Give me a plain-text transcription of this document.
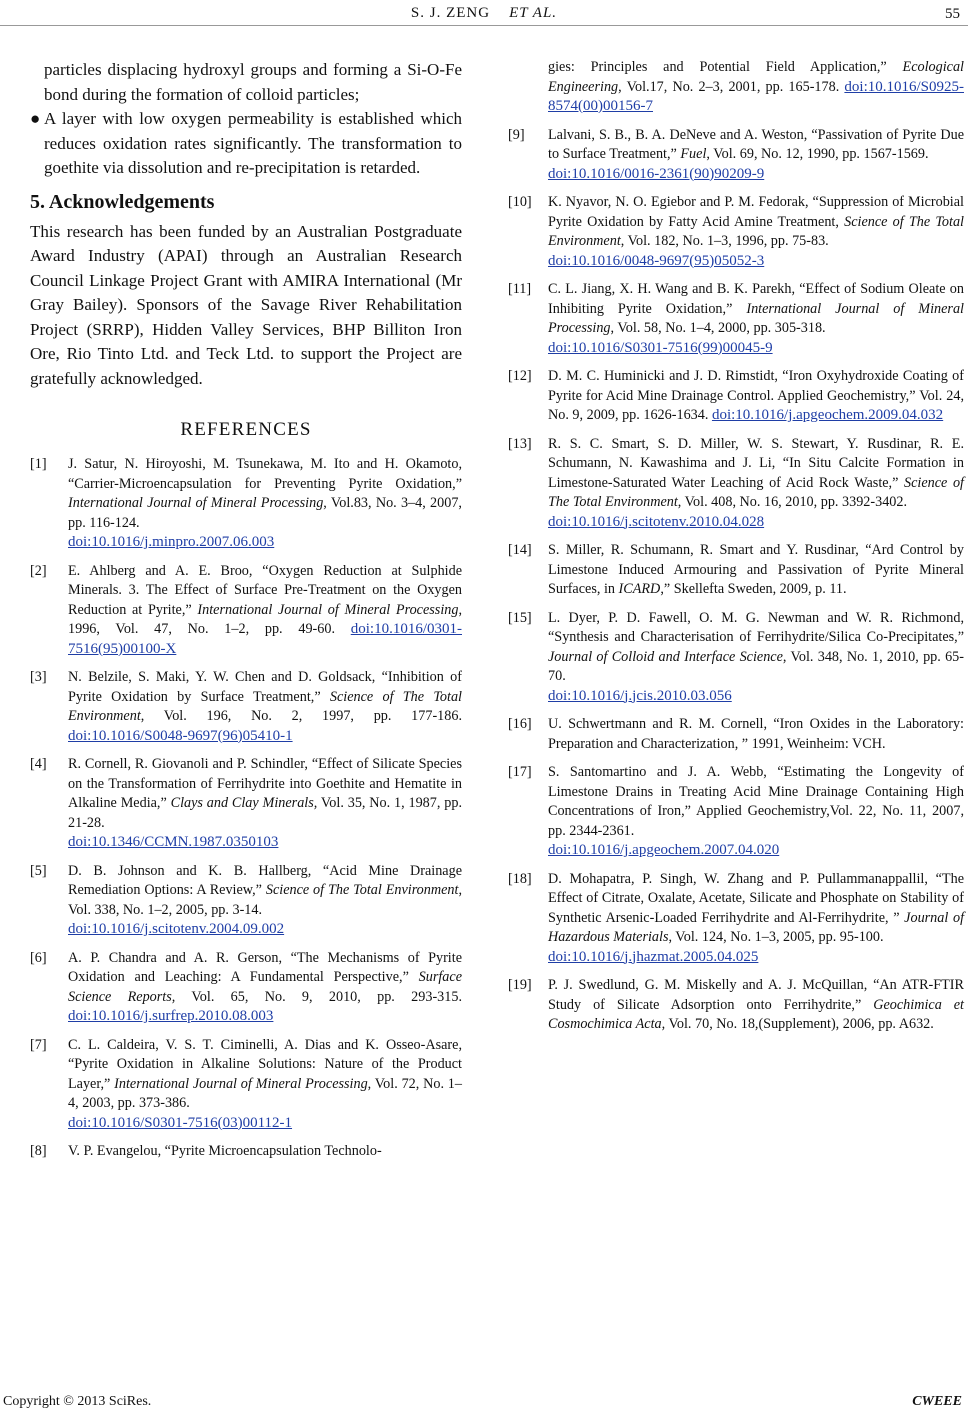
S. J. ZENG ET AL.	55
particles displacing hydroxyl groups and forming a Si-O-Fe bond during the formation of colloid particles;
● A layer with low oxygen permeability is established which reduces oxidation rates significantly. The transformation to goethite via dissolution and re-precipitation is retarded.
5. Acknowledgements

This research has been funded by an Australian Postgraduate Award Industry (APAI) through an Australian Research Council Linkage Project Grant with AMIRA International (Mr Gray Bailey). Sponsors of the Savage River Rehabilitation Project (SRRP), Hidden Valley Services, BHP Billiton Iron Ore, Rio Tinto Ltd. and Teck Ltd. to support the Project are gratefully acknowledged.

REFERENCES
[1]	J. Satur, N. Hiroyoshi, M. Tsunekawa, M. Ito and H. Okamoto, “Carrier-Microencapsulation for Preventing Pyrite Oxidation,” International Journal of Mineral Processing, Vol.83, No. 3–4, 2007, pp. 116-124.
doi:10.1016/j.minpro.2007.06.003
[2]	E. Ahlberg and A. E. Broo, “Oxygen Reduction at Sulphide Minerals. 3. The Effect of Surface Pre-Treatment on the Oxygen Reduction at Pyrite,” International Journal of Mineral Processing, 1996, Vol. 47, No. 1–2, pp. 49-60. doi:10.1016/0301-7516(95)00100-X
[3]	N. Belzile, S. Maki, Y. W. Chen and D. Goldsack, “Inhibition of Pyrite Oxidation by Surface Treatment,” Science of The Total Environment, Vol. 196, No. 2, 1997, pp. 177-186. doi:10.1016/S0048-9697(96)05410-1
[4]	R. Cornell, R. Giovanoli and P. Schindler, “Effect of Silicate Species on the Transformation of Ferrihydrite into Goethite and Hematite in Alkaline Media,” Clays and Clay Minerals, Vol. 35, No. 1, 1987, pp. 21-28.
doi:10.1346/CCMN.1987.0350103
[5]	D. B. Johnson and K. B. Hallberg, “Acid Mine Drainage Remediation Options: A Review,” Science of The Total Environment, Vol. 338, No. 1–2, 2005, pp. 3-14.
doi:10.1016/j.scitotenv.2004.09.002
[6]	A. P. Chandra and A. R. Gerson, “The Mechanisms of Pyrite Oxidation and Leaching: A Fundamental Perspective,” Surface Science Reports, Vol. 65, No. 9, 2010, pp. 293-315. doi:10.1016/j.surfrep.2010.08.003
[7]	C. L. Caldeira, V. S. T. Ciminelli, A. Dias and K. Osseo-Asare, “Pyrite Oxidation in Alkaline Solutions: Nature of the Product Layer,” International Journal of Mineral Processing, Vol. 72, No. 1–4, 2003, pp. 373-386.
doi:10.1016/S0301-7516(03)00112-1
[8]	V. P. Evangelou, “Pyrite Microencapsulation Technolo-
gies: Principles and Potential Field Application,” Ecological Engineering, Vol.17, No. 2–3, 2001, pp. 165-178. doi:10.1016/S0925-8574(00)00156-7
[9]	Lalvani, S. B., B. A. DeNeve and A. Weston, “Passivation of Pyrite Due to Surface Treatment,” Fuel, Vol. 69, No. 12, 1990, pp. 1567-1569.
doi:10.1016/0016-2361(90)90209-9
[10]	K. Nyavor, N. O. Egiebor and P. M. Fedorak, “Suppression of Microbial Pyrite Oxidation by Fatty Acid Amine Treatment, Science of The Total Environment, Vol. 182, No. 1–3, 1996, pp. 75-83.
doi:10.1016/0048-9697(95)05052-3
[11]	C. L. Jiang, X. H. Wang and B. K. Parekh, “Effect of Sodium Oleate on Inhibiting Pyrite Oxidation,” International Journal of Mineral Processing, Vol. 58, No. 1–4, 2000, pp. 305-318.
doi:10.1016/S0301-7516(99)00045-9
[12]	D. M. C. Huminicki and J. D. Rimstidt, “Iron Oxyhydroxide Coating of Pyrite for Acid Mine Drainage Control. Applied Geochemistry,” Vol. 24, No. 9, 2009, pp. 1626-1634. doi:10.1016/j.apgeochem.2009.04.032
[13]	R. S. C. Smart, S. D. Miller, W. S. Stewart, Y. Rusdinar, R. E. Schumann, N. Kawashima and J. Li, “In Situ Calcite Formation in Limestone-Saturated Water Leaching of Acid Rock Waste,” Science of The Total Environment, Vol. 408, No. 16, 2010, pp. 3392-3402.
doi:10.1016/j.scitotenv.2010.04.028
[14]	S. Miller, R. Schumann, R. Smart and Y. Rusdinar, “Ard Control by Limestone Induced Armouring and Passivation of Pyrite Mineral Surfaces, in ICARD,” Skellefta Sweden, 2009, p. 11.
[15]	L. Dyer, P. D. Fawell, O. M. G. Newman and W. R. Richmond, “Synthesis and Characterisation of Ferrihydrite/Silica Co-Precipitates,” Journal of Colloid and Interface Science, Vol. 348, No. 1, 2010, pp. 65-70.
doi:10.1016/j.jcis.2010.03.056
[16]	U. Schwertmann and R. M. Cornell, “Iron Oxides in the Laboratory: Preparation and Characterization, ” 1991, Weinheim: VCH.
[17]	S. Santomartino and J. A. Webb, “Estimating the Longevity of Limestone Drains in Treating Acid Mine Drainage Containing High Concentrations of Iron,” Applied Geochemistry,Vol. 22, No. 11, 2007, pp. 2344-2361.
doi:10.1016/j.apgeochem.2007.04.020
[18]	D. Mohapatra, P. Singh, W. Zhang and P. Pullammanappallil, “The Effect of Citrate, Oxalate, Acetate, Silicate and Phosphate on Stability of Synthetic Arsenic-Loaded Ferrihydrite and Al-Ferrihydrite, ” Journal of Hazardous Materials, Vol. 124, No. 1–3, 2005, pp. 95-100.
doi:10.1016/j.jhazmat.2005.04.025
[19]	P. J. Swedlund, G. M. Miskelly and A. J. McQuillan, “An ATR-FTIR Study of Silicate Adsorption onto Ferrihydrite,” Geochimica et Cosmochimica Acta, Vol. 70, No. 18,(Supplement), 2006, pp. A632.
Copyright © 2013 SciRes.	CWEEE
